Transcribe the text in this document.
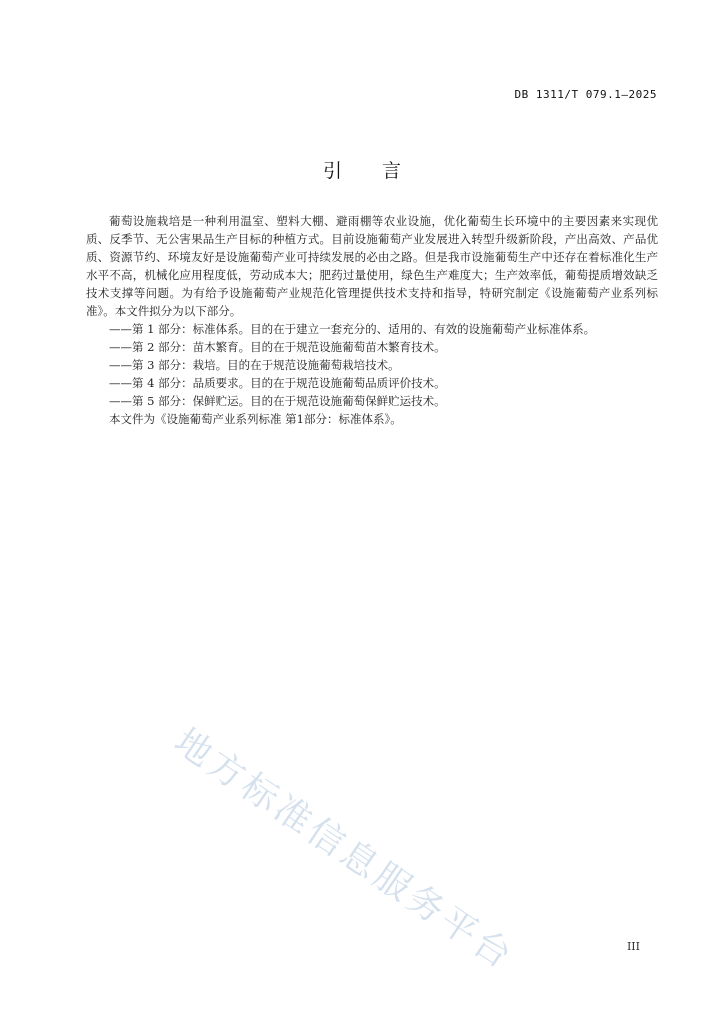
DB 1311/T 079.1—2025
引 言

葡萄设施栽培是一种利用温室、塑料大棚、避雨棚等农业设施，优化葡萄生长环境中的主要因素来实现优质、反季节、无公害果品生产目标的种植方式。目前设施葡萄产业发展进入转型升级新阶段，产出高效、产品优质、资源节约、环境友好是设施葡萄产业可持续发展的必由之路。但是我市设施葡萄生产中还存在着标准化生产水平不高，机械化应用程度低，劳动成本大；肥药过量使用，绿色生产难度大；生产效率低，葡萄提质增效缺乏技术支撑等问题。为有给予设施葡萄产业规范化管理提供技术支持和指导，特研究制定《设施葡萄产业系列标准》。本文件拟分为以下部分。

——第 1 部分：标准体系。目的在于建立一套充分的、适用的、有效的设施葡萄产业标准体系。

——第 2 部分：苗木繁育。目的在于规范设施葡萄苗木繁育技术。

——第 3 部分：栽培。目的在于规范设施葡萄栽培技术。

——第 4 部分：品质要求。目的在于规范设施葡萄品质评价技术。

——第 5 部分：保鲜贮运。目的在于规范设施葡萄保鲜贮运技术。

本文件为《设施葡萄产业系列标准 第1部分：标准体系》。

地方标准信息服务平台	III
